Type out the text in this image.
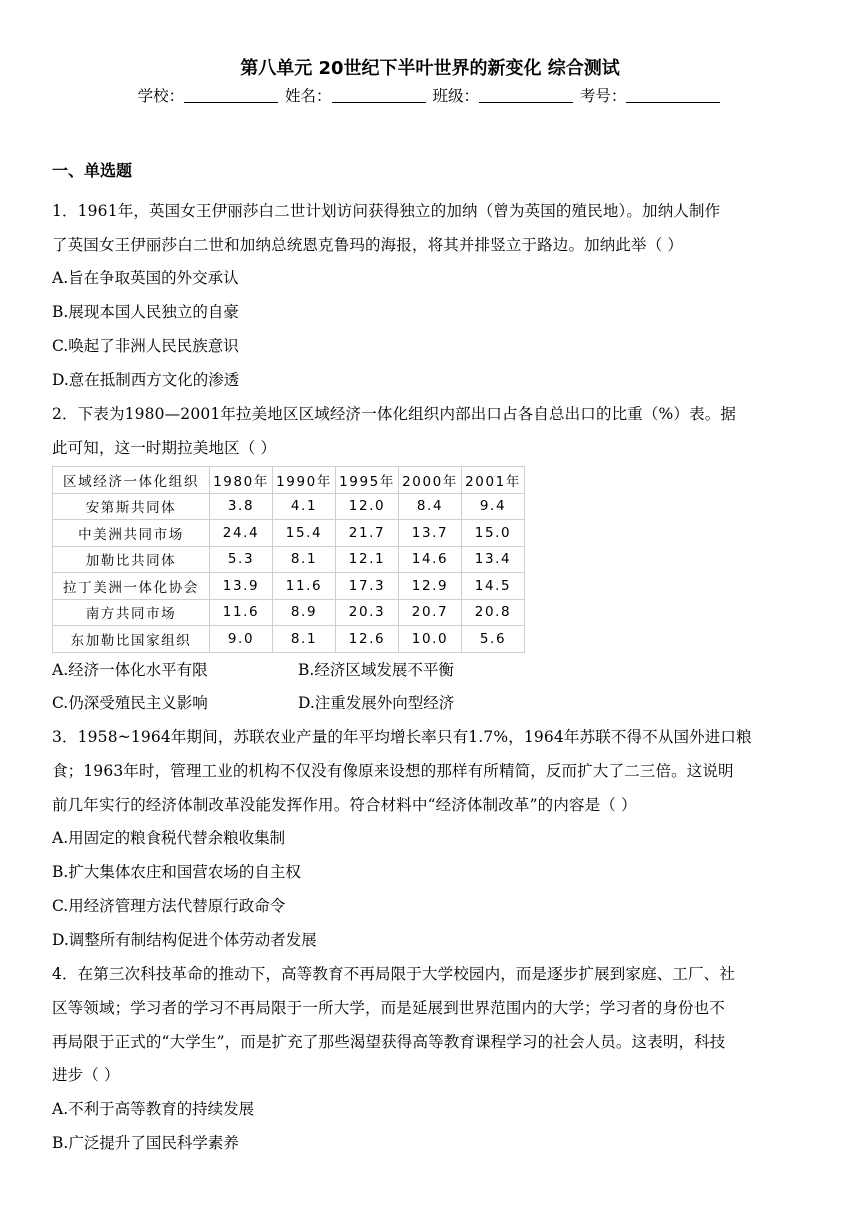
第八单元 20世纪下半叶世界的新变化 综合测试
学校：	姓名：	班级：	考号：
一、单选题
1．1961年，英国女王伊丽莎白二世计划访问获得独立的加纳（曾为英国的殖民地）。加纳人制作
了英国女王伊丽莎白二世和加纳总统恩克鲁玛的海报，将其并排竖立于路边。加纳此举（ ）
A.旨在争取英国的外交承认
B.展现本国人民独立的自豪
C.唤起了非洲人民民族意识
D.意在抵制西方文化的渗透
2．下表为1980—2001年拉美地区区域经济一体化组织内部出口占各自总出口的比重（%）表。据
此可知，这一时期拉美地区（ ）
区域经济一体化组织	1980年	1990年	1995年	2000年	2001年
安第斯共同体	3.8	4.1	12.0	8.4	9.4
中美洲共同市场	24.4	15.4	21.7	13.7	15.0
加勒比共同体	5.3	8.1	12.1	14.6	13.4
拉丁美洲一体化协会	13.9	11.6	17.3	12.9	14.5
南方共同市场	11.6	8.9	20.3	20.7	20.8
东加勒比国家组织	9.0	8.1	12.6	10.0	5.6
A.经济一体化水平有限	B.经济区域发展不平衡
C.仍深受殖民主义影响	D.注重发展外向型经济
3．1958~1964年期间，苏联农业产量的年平均增长率只有1.7%，1964年苏联不得不从国外进口粮
食；1963年时，管理工业的机构不仅没有像原来设想的那样有所精简，反而扩大了二三倍。这说明
前几年实行的经济体制改革没能发挥作用。符合材料中“经济体制改革”的内容是（ ）
A.用固定的粮食税代替余粮收集制
B.扩大集体农庄和国营农场的自主权
C.用经济管理方法代替原行政命令
D.调整所有制结构促进个体劳动者发展
4．在第三次科技革命的推动下，高等教育不再局限于大学校园内，而是逐步扩展到家庭、工厂、社
区等领域；学习者的学习不再局限于一所大学，而是延展到世界范围内的大学；学习者的身份也不
再局限于正式的“大学生”，而是扩充了那些渴望获得高等教育课程学习的社会人员。这表明，科技
进步（ ）
A.不利于高等教育的持续发展
B.广泛提升了国民科学素养
